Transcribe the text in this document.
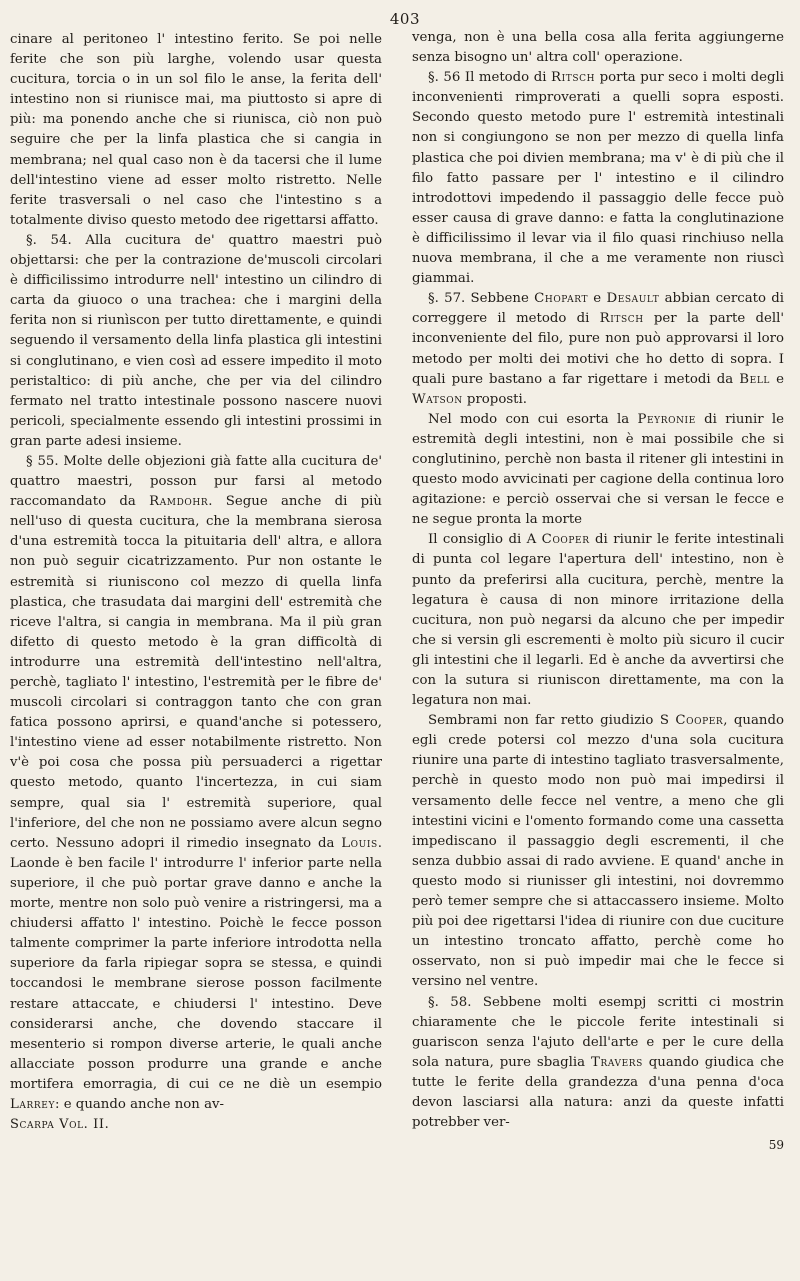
403

cinare al peritoneo l' intestino ferito. Se poi nelle ferite che son più larghe, volendo usar questa cucitura, torcia o in un sol filo le anse, la ferita dell' intestino non si riunisce mai, ma piuttosto si apre di più: ma ponendo anche che si riunisca, ciò non può seguire che per la linfa plastica che si cangia in membrana; nel qual caso non è da tacersi che il lume dell'intestino viene ad esser molto ristretto. Nelle ferite trasversali o nel caso che l'intestino s a totalmente diviso questo metodo dee rigettarsi affatto.

§. 54. Alla cucitura de' quattro maestri può objettarsi: che per la contrazione de'muscoli circolari è difficilissimo introdurre nell' intestino un cilindro di carta da giuoco o una trachea: che i margini della ferita non si riunìscon per tutto direttamente, e quindi seguendo il versamento della linfa plastica gli intestini si conglutinano, e vien così ad essere impedito il moto peristaltico: di più anche, che per via del cilindro fermato nel tratto intestinale possono nascere nuovi pericoli, specialmente essendo gli intestini prossimi in gran parte adesi insieme.

§ 55. Molte delle objezioni già fatte alla cucitura de' quattro maestri, posson pur farsi al metodo raccomandato da Ramdohr. Segue anche di più nell'uso di questa cucitura, che la membrana sierosa d'una estremità tocca la pituitaria dell' altra, e allora non può seguir cicatrizzamento. Pur non ostante le estremità si riuniscono col mezzo di quella linfa plastica, che trasudata dai margini dell' estremità che riceve l'altra, si cangia in membrana. Ma il più gran difetto di questo metodo è la gran difficoltà di introdurre una estremità dell'intestino nell'altra, perchè, tagliato l' intestino, l'estremità per le fibre de' muscoli circolari si contraggon tanto che con gran fatica possono aprirsi, e quand'anche si potessero, l'intestino viene ad esser notabilmente ristretto. Non v'è poi cosa che possa più persuaderci a rigettar questo metodo, quanto l'incertezza, in cui siam sempre, qual sia l' estremità superiore, qual l'inferiore, del che non ne possiamo avere alcun segno certo. Nessuno adopri il rimedio insegnato da Louis. Laonde è ben facile l' introdurre l' inferior parte nella superiore, il che può portar grave danno e anche la morte, mentre non solo può venire a ristringersi, ma a chiudersi affatto l' intestino. Poichè le fecce posson talmente comprimer la parte inferiore introdotta nella superiore da farla ripiegar sopra se stessa, e quindi toccandosi le membrane sierose posson facilmente restare attaccate, e chiudersi l' intestino. Deve considerarsi anche, che dovendo staccare il mesenterio si rompon diverse arterie, le quali anche allacciate posson produrre una grande e anche mortifera emorragia, di cui ce ne diè un esempio Larrey: e quando anche non av-

Scarpa Vol. II.

venga, non è una bella cosa alla ferita aggiungerne senza bisogno un' altra coll' operazione.

§. 56 Il metodo di Ritsch porta pur seco i molti degli inconvenienti rimproverati a quelli sopra esposti. Secondo questo metodo pure l' estremità intestinali non si congiungono se non per mezzo di quella linfa plastica che poi divien membrana; ma v' è di più che il filo fatto passare per l' intestino e il cilindro introdottovi impedendo il passaggio delle fecce può esser causa di grave danno: e fatta la conglutinazione è difficilissimo il levar via il filo quasi rinchiuso nella nuova membrana, il che a me veramente non riuscì giammai.

§. 57. Sebbene Chopart e Desault abbian cercato di correggere il metodo di Ritsch per la parte dell' inconveniente del filo, pure non può approvarsi il loro metodo per molti dei motivi che ho detto di sopra. I quali pure bastano a far rigettare i metodi da Bell e Watson proposti.

Nel modo con cui esorta la Peyronie di riunir le estremità degli intestini, non è mai possibile che si conglutinino, perchè non basta il ritener gli intestini in questo modo avvicinati per cagione della continua loro agitazione: e perciò osservai che si versan le fecce e ne segue pronta la morte

Il consiglio di A Cooper di riunir le ferite intestinali di punta col legare l'apertura dell' intestino, non è punto da preferirsi alla cucitura, perchè, mentre la legatura è causa di non minore irritazione della cucitura, non può negarsi da alcuno che per impedir che si versin gli escrementi è molto più sicuro il cucir gli intestini che il legarli. Ed è anche da avvertirsi che con la sutura si riuniscon direttamente, ma con la legatura non mai.

Sembrami non far retto giudizio S Cooper, quando egli crede potersi col mezzo d'una sola cucitura riunire una parte di intestino tagliato trasversalmente, perchè in questo modo non può mai impedirsi il versamento delle fecce nel ventre, a meno che gli intestini vicini e l'omento formando come una cassetta impediscano il passaggio degli escrementi, il che senza dubbio assai di rado avviene. E quand' anche in questo modo si riunisser gli intestini, noi dovremmo però temer sempre che si attaccassero insieme. Molto più poi dee rigettarsi l'idea di riunire con due cuciture un intestino troncato affatto, perchè come ho osservato, non si può impedir mai che le fecce si versino nel ventre.

§. 58. Sebbene molti esempj scritti ci mostrin chiaramente che le piccole ferite intestinali si guariscon senza l'ajuto dell'arte e per le cure della sola natura, pure sbaglia Travers quando giudica che tutte le ferite della grandezza d'una penna d'oca devon lasciarsi alla natura: anzi da queste infatti potrebber ver-

59
